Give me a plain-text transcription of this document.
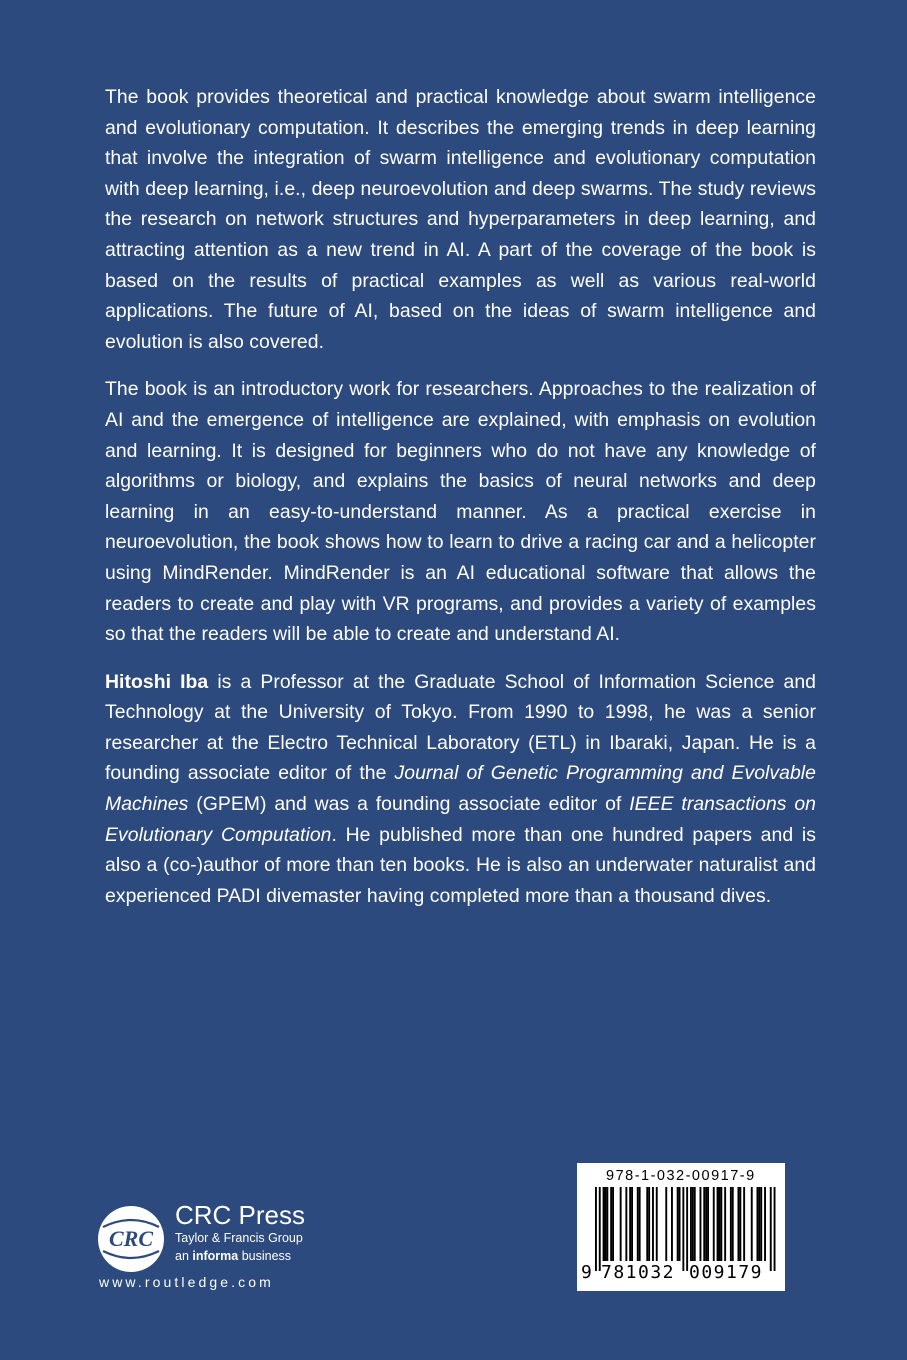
The book provides theoretical and practical knowledge about swarm intelligence and evolutionary computation. It describes the emerging trends in deep learning that involve the integration of swarm intelligence and evolutionary computation with deep learning, i.e., deep neuroevolution and deep swarms. The study reviews the research on network structures and hyperparameters in deep learning, and attracting attention as a new trend in AI. A part of the coverage of the book is based on the results of practical examples as well as various real-world applications. The future of AI, based on the ideas of swarm intelligence and evolution is also covered.

The book is an introductory work for researchers. Approaches to the realization of AI and the emergence of intelligence are explained, with emphasis on evolution and learning. It is designed for beginners who do not have any knowledge of algorithms or biology, and explains the basics of neural networks and deep learning in an easy-to-understand manner. As a practical exercise in neuroevolution, the book shows how to learn to drive a racing car and a helicopter using MindRender. MindRender is an AI educational software that allows the readers to create and play with VR programs, and provides a variety of examples so that the readers will be able to create and understand AI.

Hitoshi Iba is a Professor at the Graduate School of Information Science and Technology at the University of Tokyo. From 1990 to 1998, he was a senior researcher at the Electro Technical Laboratory (ETL) in Ibaraki, Japan. He is a founding associate editor of the Journal of Genetic Programming and Evolvable Machines (GPEM) and was a founding associate editor of IEEE transactions on Evolutionary Computation. He published more than one hundred papers and is also a (co-)author of more than ten books. He is also an underwater naturalist and experienced PADI divemaster having completed more than a thousand dives.

CRC
CRC Press
Taylor & Francis Group
an informa business
www.routledge.com
978-1-032-00917-9
9 781032 009179
